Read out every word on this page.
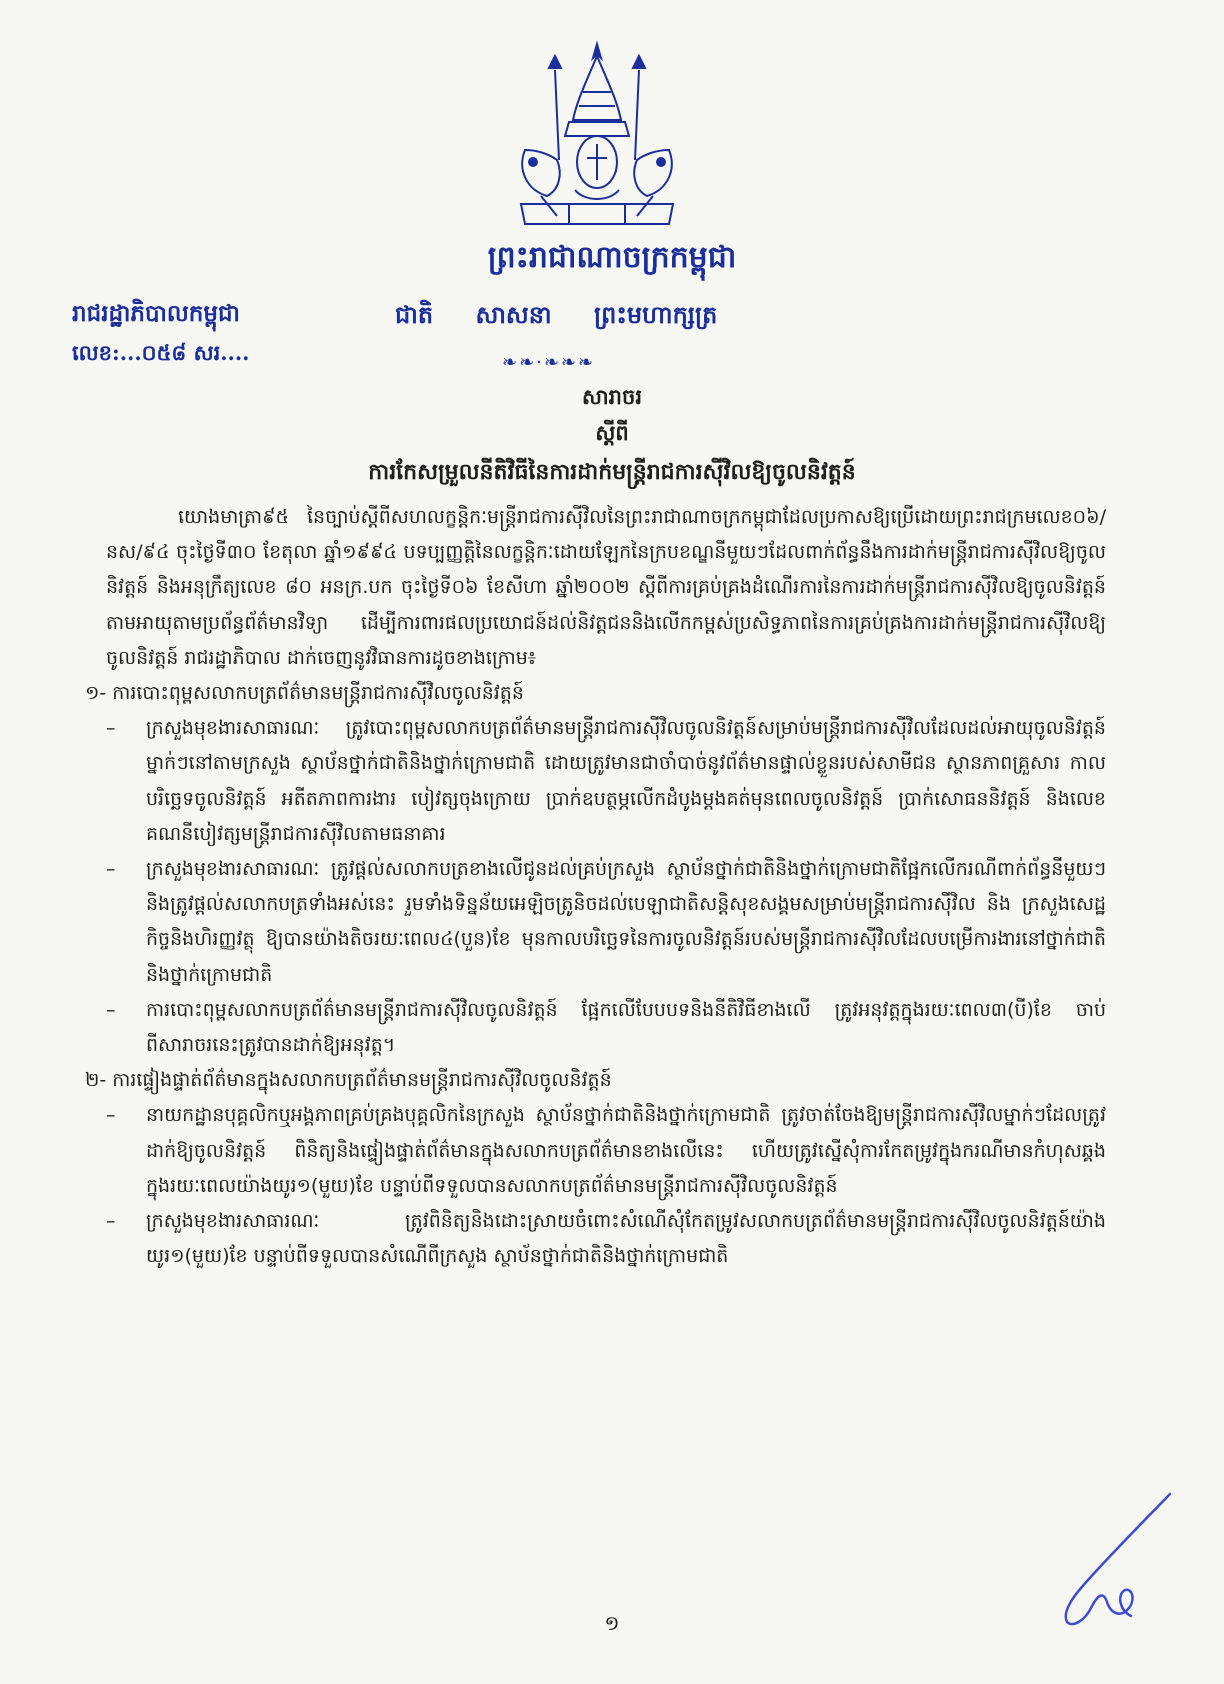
ព្រះរាជាណាចក្រកម្ពុជា
រាជរដ្ឋាភិបាលកម្ពុជា
លេខ:...០៥៨ សរ....
ជាតិ សាសនា ព្រះមហាក្សត្រ
❧❧·❧❧❧
សារាចរ
ស្ដីពី
ការកែសម្រួលនីតិវិធីនៃការដាក់មន្ត្រីរាជការស៊ីវិលឱ្យចូលនិវត្តន៍

យោងមាត្រា៩៥ នៃច្បាប់ស្ដីពីសហលក្ខន្តិកៈមន្ត្រីរាជការស៊ីវិលនៃព្រះរាជាណាចក្រកម្ពុជាដែលប្រកាសឱ្យប្រើដោយព្រះរាជក្រមលេខ០៦/នស/៩៤ ចុះថ្ងៃទី៣០ ខែតុលា ឆ្នាំ១៩៩៤ បទប្បញ្ញត្តិនៃលក្ខន្តិកៈដោយឡែកនៃក្របខណ្ឌនីមួយៗដែលពាក់ព័ន្ធនឹងការដាក់មន្ត្រីរាជការស៊ីវិលឱ្យចូលនិវត្តន៍ និងអនុក្រឹត្យលេខ ៨០ អនក្រ.បក ចុះថ្ងៃទី០៦ ខែសីហា ឆ្នាំ២០០២ ស្ដីពីការគ្រប់គ្រងដំណើរការនៃការដាក់មន្ត្រីរាជការស៊ីវិលឱ្យចូលនិវត្តន៍តាមអាយុតាមប្រព័ន្ធព័ត៌មានវិទ្យា ដើម្បីការពារផលប្រយោជន៍ដល់និវត្តជននិងលើកកម្ពស់ប្រសិទ្ធភាពនៃការគ្រប់គ្រងការដាក់មន្ត្រីរាជការស៊ីវិលឱ្យចូលនិវត្តន៍ រាជរដ្ឋាភិបាល ដាក់ចេញនូវវិធានការដូចខាងក្រោម៖

១- ការបោះពុម្ពសលាកបត្រព័ត៌មានមន្ត្រីរាជការស៊ីវិលចូលនិវត្តន៍

– ក្រសួងមុខងារសាធារណៈ ត្រូវបោះពុម្ពសលាកបត្រព័ត៌មានមន្ត្រីរាជការស៊ីវិលចូលនិវត្តន៍សម្រាប់មន្ត្រីរាជការស៊ីវិលដែលដល់អាយុចូលនិវត្តន៍ម្នាក់ៗនៅតាមក្រសួង ស្ថាប័នថ្នាក់ជាតិនិងថ្នាក់ក្រោមជាតិ ដោយត្រូវមានជាចាំបាច់នូវព័ត៌មានផ្ទាល់ខ្លួនរបស់សាមីជន ស្ថានភាពគ្រួសារ កាលបរិច្ឆេទចូលនិវត្តន៍ អតីតភាពការងារ បៀវត្សចុងក្រោយ ប្រាក់ឧបត្ថម្ភលើកដំបូងម្ដងគត់មុនពេលចូលនិវត្តន៍ ប្រាក់សោធននិវត្តន៍ និងលេខគណនីបៀវត្សមន្ត្រីរាជការស៊ីវិលតាមធនាគារ

– ក្រសួងមុខងារសាធារណៈ ត្រូវផ្ដល់សលាកបត្រខាងលើជូនដល់គ្រប់ក្រសួង ស្ថាប័នថ្នាក់ជាតិនិងថ្នាក់ក្រោមជាតិផ្អែកលើករណីពាក់ព័ន្ធនីមួយៗនិងត្រូវផ្ដល់សលាកបត្រទាំងអស់នេះ រួមទាំងទិន្នន័យអេឡិចត្រូនិចដល់បេឡាជាតិសន្តិសុខសង្គមសម្រាប់មន្ត្រីរាជការស៊ីវិល និង ក្រសួងសេដ្ឋកិច្ចនិងហិរញ្ញវត្ថុ ឱ្យបានយ៉ាងតិចរយៈពេល៤(បួន)ខែ មុនកាលបរិច្ឆេទនៃការចូលនិវត្តន៍របស់មន្ត្រីរាជការស៊ីវិលដែលបម្រើការងារនៅថ្នាក់ជាតិនិងថ្នាក់ក្រោមជាតិ

– ការបោះពុម្ពសលាកបត្រព័ត៌មានមន្ត្រីរាជការស៊ីវិលចូលនិវត្តន៍ ផ្អែកលើបែបបទនិងនីតិវិធីខាងលើ ត្រូវអនុវត្តក្នុងរយៈពេល៣(បី)ខែ ចាប់ពីសារាចរនេះត្រូវបានដាក់ឱ្យអនុវត្ត។

២- ការផ្ទៀងផ្ទាត់ព័ត៌មានក្នុងសលាកបត្រព័ត៌មានមន្ត្រីរាជការស៊ីវិលចូលនិវត្តន៍

– នាយកដ្ឋានបុគ្គលិកឬអង្គភាពគ្រប់គ្រងបុគ្គលិកនៃក្រសួង ស្ថាប័នថ្នាក់ជាតិនិងថ្នាក់ក្រោមជាតិ ត្រូវចាត់ចែងឱ្យមន្ត្រីរាជការស៊ីវិលម្នាក់ៗដែលត្រូវដាក់ឱ្យចូលនិវត្តន៍ ពិនិត្យនិងផ្ទៀងផ្ទាត់ព័ត៌មានក្នុងសលាកបត្រព័ត៌មានខាងលើនេះ ហើយត្រូវស្នើសុំការកែតម្រូវក្នុងករណីមានកំហុសឆ្គងក្នុងរយៈពេលយ៉ាងយូរ១(មួយ)ខែ បន្ទាប់ពីទទួលបានសលាកបត្រព័ត៌មានមន្ត្រីរាជការស៊ីវិលចូលនិវត្តន៍

– ក្រសួងមុខងារសាធារណៈ ត្រូវពិនិត្យនិងដោះស្រាយចំពោះសំណើសុំកែតម្រូវសលាកបត្រព័ត៌មានមន្ត្រីរាជការស៊ីវិលចូលនិវត្តន៍យ៉ាងយូរ១(មួយ)ខែ បន្ទាប់ពីទទួលបានសំណើពីក្រសួង ស្ថាប័នថ្នាក់ជាតិនិងថ្នាក់ក្រោមជាតិ

១
